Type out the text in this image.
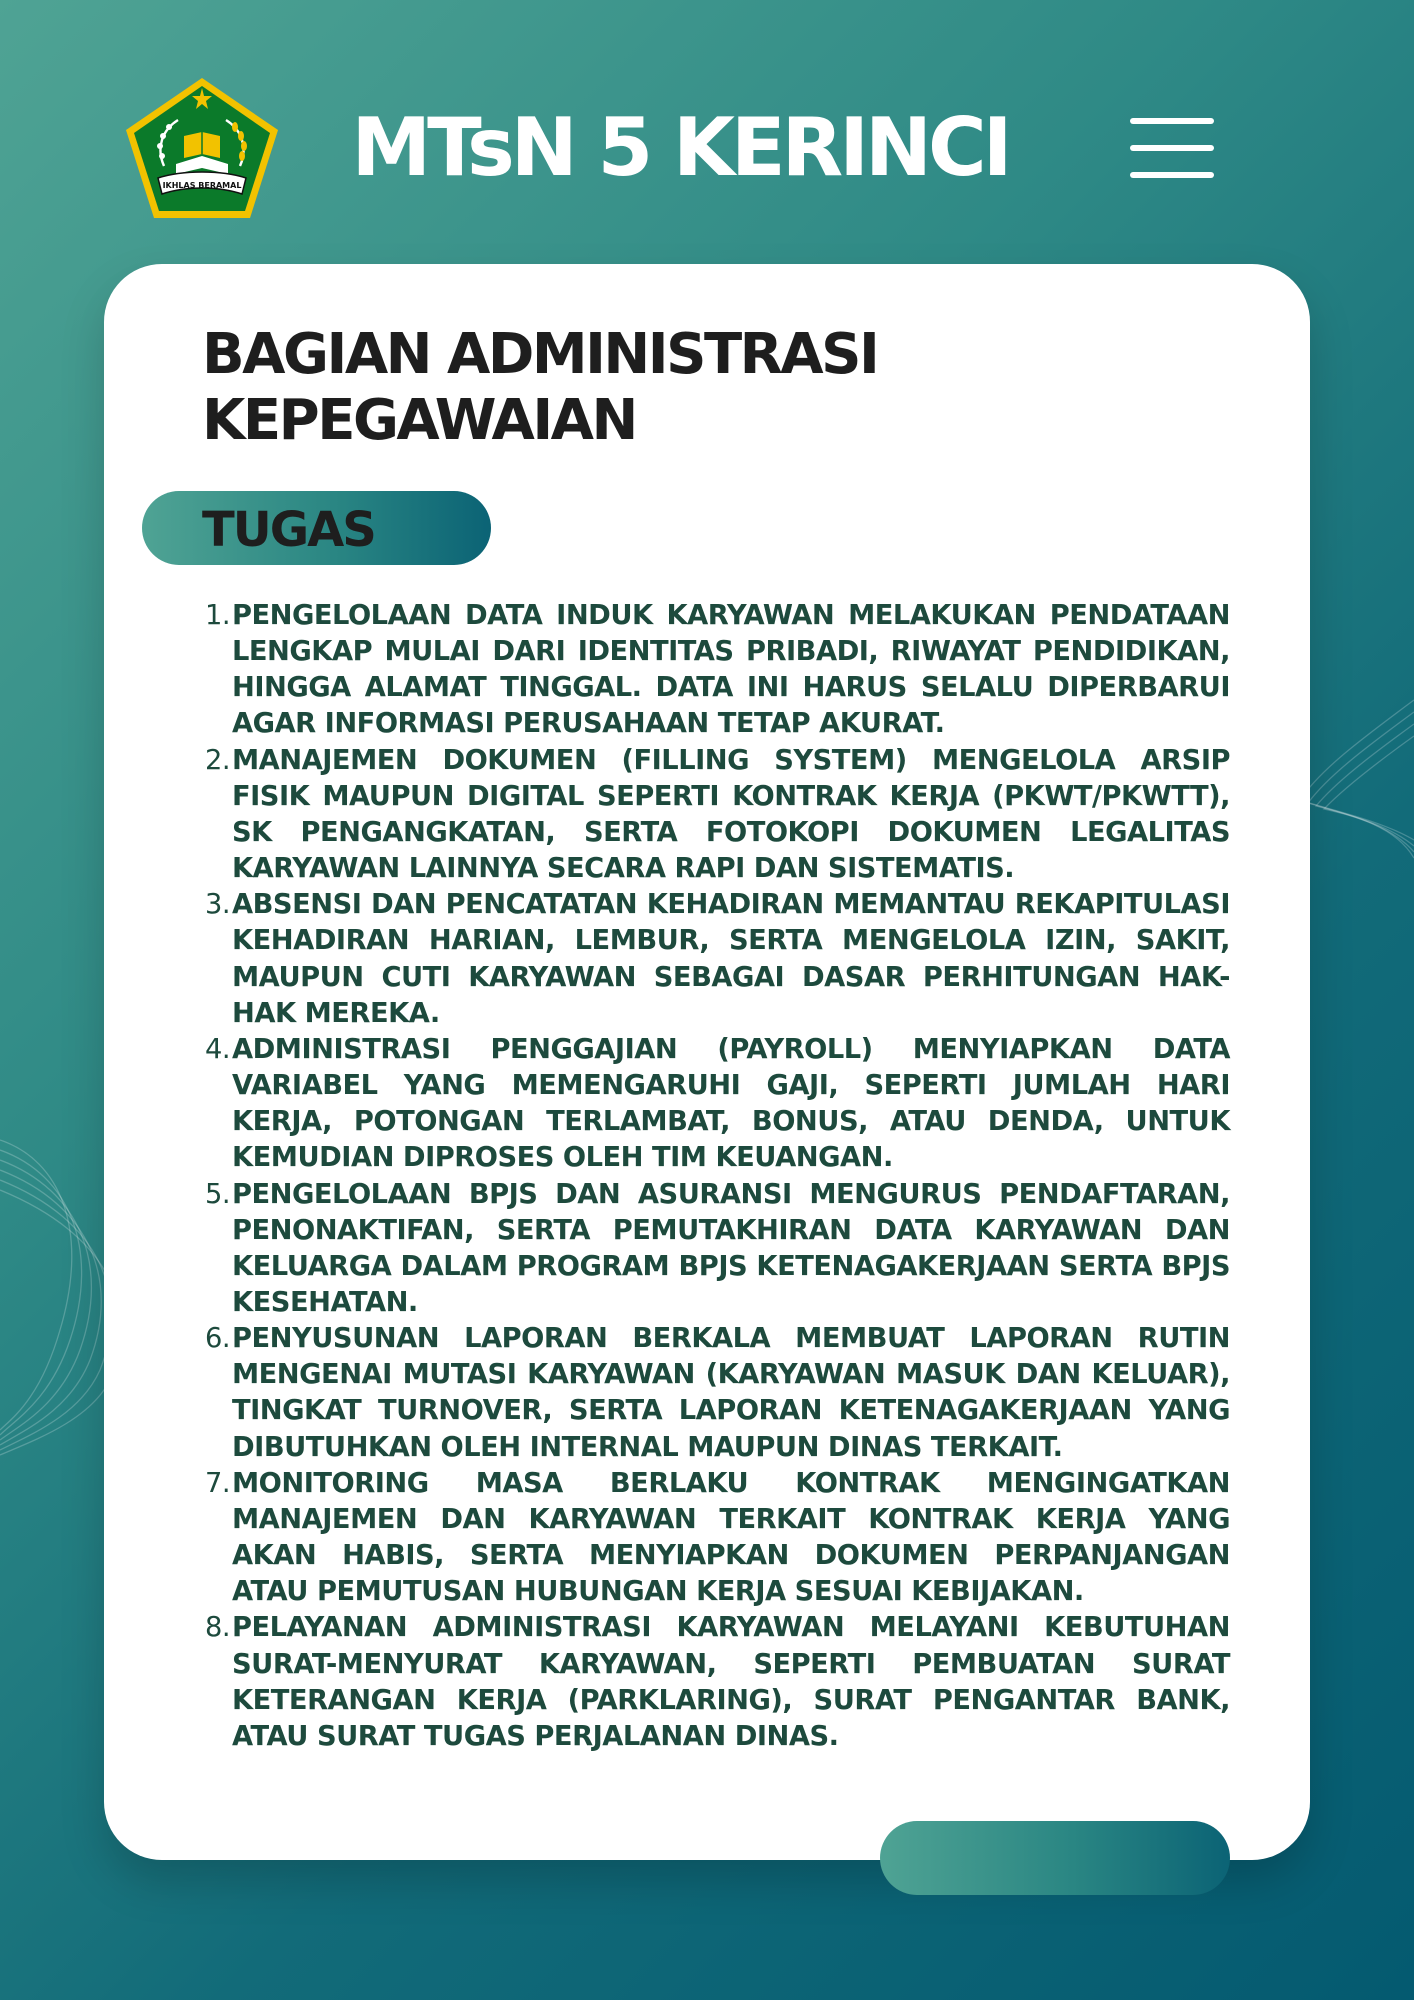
IKHLAS BERAMAL MTsN 5 KERINCI
BAGIAN ADMINISTRASI
KEPEGAWAIAN
TUGAS
1. PENGELOLAAN DATA INDUK KARYAWAN MELAKUKAN PENDATAAN LENGKAP MULAI DARI IDENTITAS PRIBADI, RIWAYAT PENDIDIKAN, HINGGA ALAMAT TINGGAL. DATA INI HARUS SELALU DIPERBARUI AGAR INFORMASI PERUSAHAAN TETAP AKURAT.
2. MANAJEMEN DOKUMEN (FILLING SYSTEM) MENGELOLA ARSIP FISIK MAUPUN DIGITAL SEPERTI KONTRAK KERJA (PKWT/PKWTT), SK PENGANGKATAN, SERTA FOTOKOPI DOKUMEN LEGALITAS KARYAWAN LAINNYA SECARA RAPI DAN SISTEMATIS.
3. ABSENSI DAN PENCATATAN KEHADIRAN MEMANTAU REKAPITULASI KEHADIRAN HARIAN, LEMBUR, SERTA MENGELOLA IZIN, SAKIT, MAUPUN CUTI KARYAWAN SEBAGAI DASAR PERHITUNGAN HAK-HAK MEREKA.
4. ADMINISTRASI PENGGAJIAN (PAYROLL) MENYIAPKAN DATA VARIABEL YANG MEMENGARUHI GAJI, SEPERTI JUMLAH HARI KERJA, POTONGAN TERLAMBAT, BONUS, ATAU DENDA, UNTUK KEMUDIAN DIPROSES OLEH TIM KEUANGAN.
5. PENGELOLAAN BPJS DAN ASURANSI MENGURUS PENDAFTARAN, PENONAKTIFAN, SERTA PEMUTAKHIRAN DATA KARYAWAN DAN KELUARGA DALAM PROGRAM BPJS KETENAGAKERJAAN SERTA BPJS KESEHATAN.
6. PENYUSUNAN LAPORAN BERKALA MEMBUAT LAPORAN RUTIN MENGENAI MUTASI KARYAWAN (KARYAWAN MASUK DAN KELUAR), TINGKAT TURNOVER, SERTA LAPORAN KETENAGAKERJAAN YANG DIBUTUHKAN OLEH INTERNAL MAUPUN DINAS TERKAIT.
7. MONITORING MASA BERLAKU KONTRAK MENGINGATKAN MANAJEMEN DAN KARYAWAN TERKAIT KONTRAK KERJA YANG AKAN HABIS, SERTA MENYIAPKAN DOKUMEN PERPANJANGAN ATAU PEMUTUSAN HUBUNGAN KERJA SESUAI KEBIJAKAN.
8. PELAYANAN ADMINISTRASI KARYAWAN MELAYANI KEBUTUHAN SURAT-MENYURAT KARYAWAN, SEPERTI PEMBUATAN SURAT KETERANGAN KERJA (PARKLARING), SURAT PENGANTAR BANK, ATAU SURAT TUGAS PERJALANAN DINAS.
